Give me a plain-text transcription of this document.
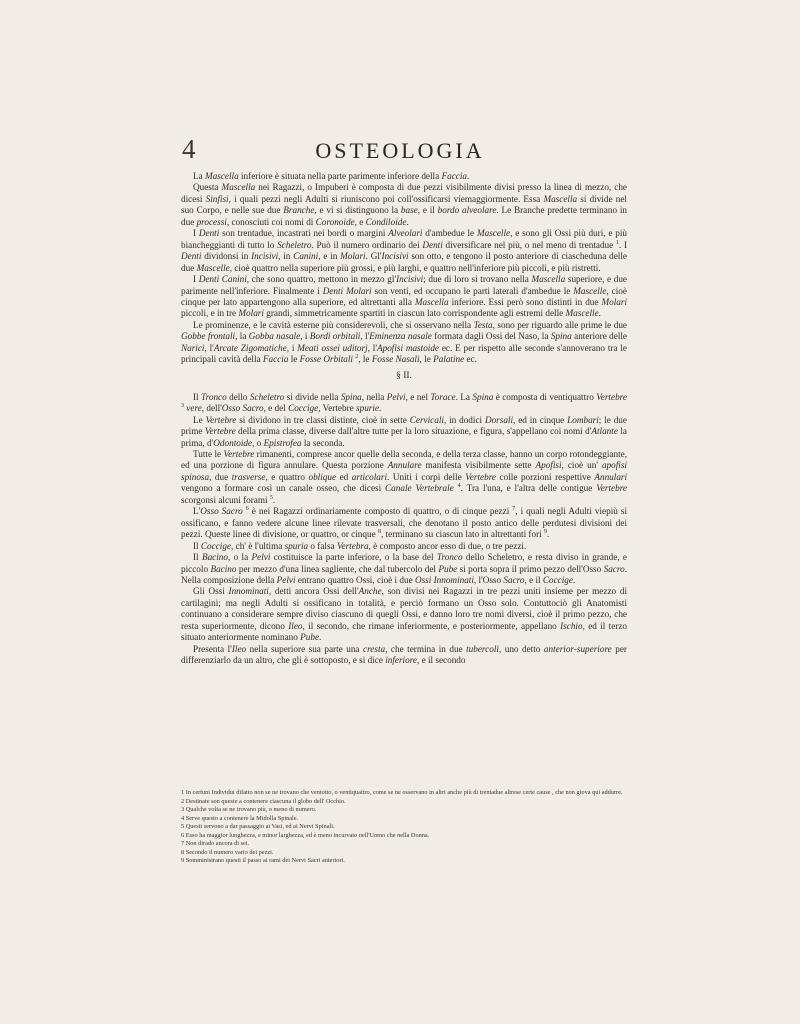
4	OSTEOLOGIA

La Mascella inferiore è situata nella parte parimente inferiore della Faccia.

Questa Mascella nei Ragazzi, o Impuberi è composta di due pezzi visibilmente divisi presso la linea di mezzo, che dicesi Sinfisi, i quali pezzi negli Adulti si riuniscono poi coll'ossificarsi viemaggiormente. Essa Mascella si divide nel suo Corpo, e nelle sue due Branche, e vi si distinguono la base, e il bordo alveolare. Le Branche predette terminano in due processi, conosciuti coi nomi di Coronoide, e Condiloide.

I Denti son trentadue, incastrati nei bordi o margini Alveolari d'ambedue le Mascelle, e sono gli Ossi più duri, e più biancheggianti di tutto lo Scheletro. Può il numero ordinario dei Denti diversificare nel più, o nel meno di trentadue $^1$. I Denti dividonsi in Incisivi, in Canini, e in Molari. Gl'Incisivi son otto, e tengono il posto anteriore di ciascheduna delle due Mascelle, cioè quattro nella superiore più grossi, e più larghi, e quattro nell'inferiore più piccoli, e più ristretti.

I Denti Canini, che sono quattro, mettono in mezzo gl'Incisivi; due di loro si trovano nella Mascella superiore, e due parimente nell'inferiore. Finalmente i Denti Molari son venti, ed occupano le parti laterali d'ambedue le Mascelle, cioè cinque per lato appartengono alla superiore, ed altrettanti alla Mascella inferiore. Essi però sono distinti in due Molari piccoli, e in tre Molari grandi, simmetricamente spartiti in ciascun lato corrispondente agli estremi delle Mascelle.

Le prominenze, e le cavità esterne più considerevoli, che si osservano nella Testa, sono per riguardo alle prime le due Gobbe frontali, la Gobba nasale, i Bordi orbitali, l'Eminenza nasale formata dagli Ossi del Naso, la Spina anteriore delle Narici, l'Arcate Zigomatiche, i Meati ossei uditorj, l'Apofisi mastoide ec. E per rispetto alle seconde s'annoverano tra le principali cavità della Faccia le Fosse Orbitali $^2$, le Fosse Nasali, le Palatine ec.

§ II.

Il Tronco dello Scheletro si divide nella Spina, nella Pelvi, e nel Torace. La Spina è composta di ventiquattro Vertebre $^3$ vere, dell'Osso Sacro, e del Coccige, Vertebre spurie.

Le Vertebre si dividono in tre classi distinte, cioè in sette Cervicali, in dodici Dorsali, ed in cinque Lombari; le due prime Vertebre della prima classe, diverse dall'altre tutte per la loro situazione, e figura, s'appellano coi nomi d'Atlante la prima, d'Odontoide, o Epistrofea la seconda.

Tutte le Vertebre rimanenti, comprese ancor quelle della seconda, e della terza classe, hanno un corpo rotondeggiante, ed una porzione di figura annulare. Questa porzione Annulare manifesta visibilmente sette Apofisi, cioè un' apofisi spinosa, due trasverse, e quattro oblique ed articolari. Uniti i corpi delle Vertebre colle porzioni respettive Annulari vengono a formare così un canale osseo, che dicesi Canale Vertebrale $^4$. Tra l'una, e l'altra delle contigue Vertebre scorgonsi alcuni forami $^5$.

L'Osso Sacro $^6$ è nei Ragazzi ordinariamente composto di quattro, o di cinque pezzi $^7$, i quali negli Adulti viepiù si ossificano, e fanno vedere alcune linee rilevate trasversali, che denotano il posto antico delle perdutesi divisioni dei pezzi. Queste linee di divisione, or quattro, or cinque $^8$, terminano su ciascun lato in altrettanti fori $^9$.

Il Coccige, ch' è l'ultima spuria o falsa Vertebra, è composto ancor esso di due, o tre pezzi.

Il Bacino, o la Pelvi costituisce la parte inferiore, o la base del Tronco dello Scheletro, e resta diviso in grande, e piccolo Bacino per mezzo d'una linea sagliente, che dal tubercolo del Pube si porta sopra il primo pezzo dell'Osso Sacro. Nella composizione della Pelvi entrano quattro Ossi, cioè i due Ossi Innominati, l'Osso Sacro, e il Coccige.

Gli Ossi Innominati, detti ancora Ossi dell'Anche, son divisi nei Ragazzi in tre pezzi uniti insieme per mezzo di cartilagini; ma negli Adulti si ossificano in totalità, e perciò formano un Osso solo. Contuttociò gli Anatomisti continuano a considerare sempre diviso ciascuno di quegli Ossi, e danno loro tre nomi diversi, cioè il primo pezzo, che resta superiormente, dicono Ileo, il secondo, che rimane inferiormente, e posteriormente, appellano Ischio, ed il terzo situato anteriormente nominano Pube.

Presenta l'Ileo nella superiore sua parte una cresta, che termina in due tubercoli, uno detto anterior-superiore per differenziarlo da un altro, che gli è sottoposto, e si dice inferiore, e il secondo

1 In certuni Individui difatto non se ne trovano che ventotto, o ventiquattro, come se ne osservano in altri anche più di trentadue altrese certe cause , che non giova qui addurre.
2 Destinate son queste a contenere ciascuna il globo dell' Occhio.
3 Qualche volta se ne trovano più, o meno di numero.
4 Serve questo a contenere la Midolla Spinale.
5 Questi servono a dar passaggio ai Vasi, ed ai Nervi Spinali.
6 Esso ha maggior lunghezza, e minor larghezza, ed è meno incurvato nell'Uomo che nella Donna.
7 Non dirado ancora di sei.
8 Secondo il numero vario dei pezzi.
9 Somministrano questi il passo ai rami dei Nervi Sacri anteriori.
